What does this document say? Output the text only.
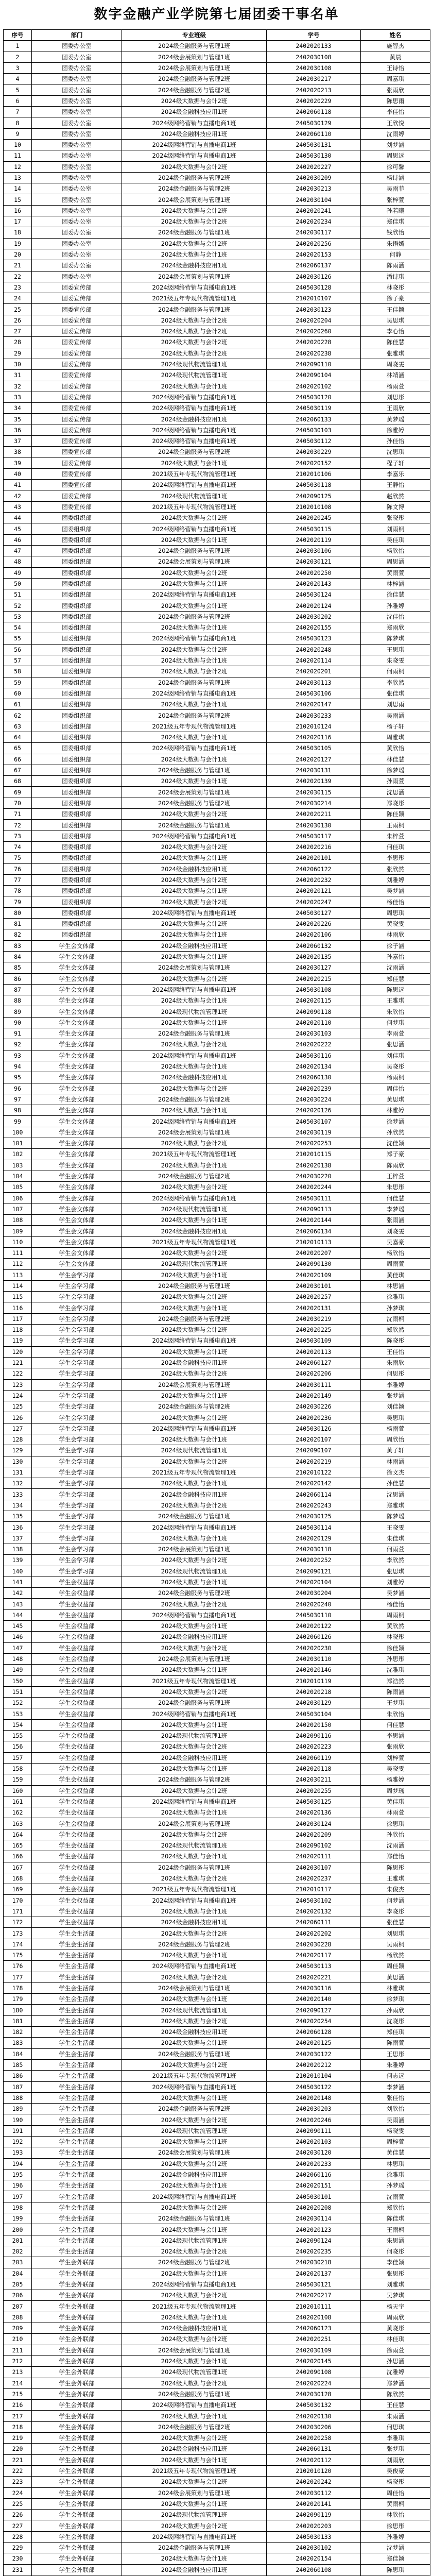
数字金融产业学院第七届团委干事名单
序号	部门	专业班级	学号	姓名
1	团委办公室	2024级金融服务与管理1班	2402020133	施智杰
2	团委办公室	2024级会展策划与管理1班	2402030108	黄晨
3	团委办公室	2024级会展策划与管理1班	2402030108	王诗怡
4	团委办公室	2024级金融服务与管理2班	2402030217	周嘉琪
5	团委办公室	2024级金融服务与管理2班	2402020213	张雨欣
6	团委办公室	2024级大数据与会计2班	2402020229	陈思雨
7	团委办公室	2024级金融科技应用1班	2402060118	李佳怡
8	团委办公室	2024级网络营销与直播电商1班	2405030129	王欣悦
9	团委办公室	2024级金融科技应用1班	2402060110	沈雨婷
10	团委办公室	2024级网络营销与直播电商1班	2405030131	刘梦涵
11	团委办公室	2024级网络营销与直播电商1班	2405030130	周思远
12	团委办公室	2024级大数据与会计2班	2402020227	徐可馨
13	团委办公室	2024级金融服务与管理2班	2402030209	杨诗涵
14	团委办公室	2024级金融服务与管理2班	2402030213	吴雨菲
15	团委办公室	2024级会展策划与管理1班	2402030104	张梓萱
16	团委办公室	2024级大数据与会计2班	2402020241	孙若曦
17	团委办公室	2024级大数据与会计2班	2402020234	郑佳琪
18	团委办公室	2024级金融服务与管理1班	2402030117	钱欣怡
19	团委办公室	2024级大数据与会计2班	2402020256	朱语嫣
20	团委办公室	2024级大数据与会计1班	2402020153	何静
21	团委办公室	2024级金融科技应用1班	2402060137	陈雨涵
22	团委办公室	2024级会展策划与管理1班	2402030126	潘诗琪
23	团委宣传部	2024级网络营销与直播电商1班	2405030128	林晓彤
24	团委宣传部	2021级五年专现代物流管理1班	2102010107	徐子豪
25	团委宣传部	2024级金融服务与管理1班	2402030123	王佳颖
26	团委宣传部	2024级大数据与会计2班	2402020204	吴思琪
27	团委宣传部	2024级大数据与会计2班	2402020260	李心怡
28	团委宣传部	2024级大数据与会计2班	2402020228	陈佳慧
29	团委宣传部	2024级大数据与会计2班	2402020238	张雅琪
30	团委宣传部	2024级现代物流管理1班	2402090110	周晓雯
31	团委宣传部	2024级现代物流管理1班	2402090104	林靖涵
32	团委宣传部	2024级大数据与会计1班	2402020102	杨雨萱
33	团委宣传部	2024级网络营销与直播电商1班	2405030120	刘思彤
34	团委宣传部	2024级网络营销与直播电商1班	2405030119	王雨欣
35	团委宣传部	2024级金融科技应用1班	2402060133	黄梦瑶
36	团委宣传部	2024级网络营销与直播电商1班	2405030103	徐雅婷
37	团委宣传部	2024级网络营销与直播电商1班	2405030112	孙佳怡
38	团委宣传部	2024级金融服务与管理2班	2402030229	沈思琪
39	团委宣传部	2024级大数据与会计1班	2402020152	程子轩
40	团委宣传部	2021级五年专现代物流管理1班	2102010106	李嘉乐
41	团委宣传部	2024级网络营销与直播电商1班	2405030118	王静怡
42	团委宣传部	2024级现代物流管理1班	2402090125	赵欣然
43	团委宣传部	2021级五年专现代物流管理1班	2102010108	陈文博
44	团委组织部	2024级大数据与会计2班	2402020245	张晓彤
45	团委组织部	2024级网络营销与直播电商1班	2405030115	刘雨桐
46	团委组织部	2024级大数据与会计1班	2402020119	吴佳琪
47	团委组织部	2024级金融服务与管理1班	2402030106	杨欣怡
48	团委组织部	2024级会展策划与管理1班	2402030121	周思涵
49	团委组织部	2024级大数据与会计2班	2402020250	黄雨萱
50	团委组织部	2024级大数据与会计1班	2402020143	林梓涵
51	团委组织部	2024级网络营销与直播电商1班	2405030124	徐佳慧
52	团委组织部	2024级大数据与会计1班	2402020124	孙雅婷
53	团委组织部	2024级金融服务与管理2班	2402030202	沈佳怡
54	团委组织部	2024级大数据与会计1班	2402020155	郑雨欣
55	团委组织部	2024级网络营销与直播电商1班	2405030123	陈梦琪
56	团委组织部	2024级大数据与会计2班	2402020248	王思琪
57	团委组织部	2024级大数据与会计1班	2402020114	朱晓雯
58	团委组织部	2024级大数据与会计2班	2402020201	何雨桐
59	团委组织部	2024级金融服务与管理1班	2402030113	李欣然
60	团委组织部	2024级网络营销与直播电商1班	2405030106	张佳琪
61	团委组织部	2024级大数据与会计1班	2402020147	刘思雨
62	团委组织部	2024级金融服务与管理2班	2402030233	吴雨涵
63	团委组织部	2021级五年专现代物流管理1班	2102010124	杨子轩
64	团委组织部	2024级大数据与会计1班	2402020116	周雅琪
65	团委组织部	2024级网络营销与直播电商1班	2405030105	黄欣怡
66	团委组织部	2024级大数据与会计1班	2402020127	林佳慧
67	团委组织部	2024级金融服务与管理1班	2402030131	徐梦瑶
68	团委组织部	2024级大数据与会计1班	2402020139	孙雨萱
69	团委组织部	2024级会展策划与管理1班	2402030115	沈思涵
70	团委组织部	2024级金融服务与管理2班	2402030214	郑晓彤
71	团委组织部	2024级大数据与会计2班	2402020211	陈佳颖
72	团委组织部	2024级金融服务与管理1班	2402030130	王雨桐
73	团委组织部	2024级网络营销与直播电商1班	2405030117	朱梓萱
74	团委组织部	2024级大数据与会计2班	2402020216	何佳琪
75	团委组织部	2024级大数据与会计1班	2402020101	李思彤
76	团委组织部	2024级金融科技应用1班	2402060122	张欣然
77	团委组织部	2024级大数据与会计2班	2402020232	刘雅婷
78	团委组织部	2024级大数据与会计1班	2402020121	吴梦涵
79	团委组织部	2024级大数据与会计2班	2402020247	杨佳怡
80	团委组织部	2024级网络营销与直播电商1班	2405030127	周思琪
81	团委组织部	2024级大数据与会计2班	2402020226	黄晓雯
82	团委组织部	2024级大数据与会计1班	2402020106	林雨欣
83	学生会文体部	2024级金融科技应用1班	2402060132	徐子涵
84	学生会文体部	2024级大数据与会计1班	2402020135	孙嘉怡
85	学生会文体部	2024级会展策划与管理1班	2402030127	沈雨涵
86	学生会文体部	2024级大数据与会计2班	2402020215	郑佳慧
87	学生会文体部	2024级网络营销与直播电商1班	2405030108	陈思远
88	学生会文体部	2024级大数据与会计1班	2402020115	王雅琪
89	学生会文体部	2024级现代物流管理1班	2402090118	朱欣怡
90	学生会文体部	2024级大数据与会计1班	2402020110	何梦琪
91	学生会文体部	2024级金融服务与管理1班	2402030103	李雨萱
92	学生会文体部	2024级大数据与会计2班	2402020222	张思涵
93	学生会文体部	2024级网络营销与直播电商1班	2405030116	刘佳琪
94	学生会文体部	2024级大数据与会计1班	2402020134	吴晓彤
95	学生会文体部	2024级金融科技应用1班	2402060130	杨雨桐
96	学生会文体部	2024级大数据与会计2班	2402020239	周佳怡
97	学生会文体部	2024级金融服务与管理2班	2402030224	黄思琪
98	学生会文体部	2024级大数据与会计1班	2402020126	林雅婷
99	学生会文体部	2024级网络营销与直播电商1班	2405030107	徐梦涵
100	学生会文体部	2024级会展策划与管理1班	2402030119	孙欣然
101	学生会文体部	2024级大数据与会计2班	2402020253	沈佳颖
102	学生会文体部	2021级五年专现代物流管理1班	2102010115	郑子豪
103	学生会文体部	2024级大数据与会计1班	2402020138	陈雨欣
104	学生会文体部	2024级金融服务与管理2班	2402030220	王梓萱
105	学生会文体部	2024级大数据与会计2班	2402020244	朱思彤
106	学生会文体部	2024级网络营销与直播电商1班	2405030111	何佳慧
107	学生会文体部	2024级现代物流管理1班	2402090113	李梦瑶
108	学生会文体部	2024级大数据与会计1班	2402020144	张雨涵
109	学生会文体部	2024级金融科技应用1班	2402060134	刘晓雯
110	学生会文体部	2021级五年专现代物流管理1班	2102010113	吴嘉豪
111	学生会文体部	2024级大数据与会计2班	2402020207	杨欣怡
112	学生会文体部	2024级现代物流管理1班	2402090130	周雨萱
113	学生会学习部	2024级大数据与会计1班	2402020109	黄佳琪
114	学生会学习部	2024级金融服务与管理1班	2402030101	林思涵
115	学生会学习部	2024级大数据与会计2班	2402020257	徐雅琪
116	学生会学习部	2024级大数据与会计1班	2402020131	孙梦琪
117	学生会学习部	2024级金融服务与管理2班	2402030219	沈雨桐
118	学生会学习部	2024级大数据与会计2班	2402020225	郑欣然
119	学生会学习部	2024级网络营销与直播电商1班	2405030109	陈晓彤
120	学生会学习部	2024级大数据与会计1班	2402020113	王佳怡
121	学生会学习部	2024级金融科技应用1班	2402060127	朱雨欣
122	学生会学习部	2024级大数据与会计2班	2402020206	何思彤
123	学生会学习部	2024级会展策划与管理1班	2402030111	李雅婷
124	学生会学习部	2024级大数据与会计1班	2402020149	张梦涵
125	学生会学习部	2024级金融服务与管理2班	2402030226	刘佳颖
126	学生会学习部	2024级大数据与会计2班	2402020236	吴思琪
127	学生会学习部	2024级网络营销与直播电商1班	2405030126	杨雨萱
128	学生会学习部	2024级大数据与会计1班	2402020107	周欣怡
129	学生会学习部	2024级现代物流管理1班	2402090107	黄子轩
130	学生会学习部	2024级大数据与会计2班	2402020219	林雨涵
131	学生会学习部	2021级五年专现代物流管理1班	2102010122	徐文杰
132	学生会学习部	2024级大数据与会计1班	2402020142	孙佳慧
133	学生会学习部	2024级金融科技应用1班	2402060114	沈思涵
134	学生会学习部	2024级大数据与会计2班	2402020243	郑雅琪
135	学生会学习部	2024级金融服务与管理1班	2402030125	陈梦瑶
136	学生会学习部	2024级网络营销与直播电商1班	2405030114	王晓雯
137	学生会学习部	2024级大数据与会计1班	2402020129	朱佳琪
138	学生会学习部	2024级会展策划与管理1班	2402030118	何雨萱
139	学生会学习部	2024级大数据与会计2班	2402020252	李欣然
140	学生会学习部	2024级现代物流管理1班	2402090121	张思琪
141	学生会权益部	2024级大数据与会计1班	2402020104	刘雅婷
142	学生会权益部	2024级金融服务与管理2班	2402030204	吴梦涵
143	学生会权益部	2024级大数据与会计2班	2402020240	杨佳怡
144	学生会权益部	2024级网络营销与直播电商1班	2405030110	周雨桐
145	学生会权益部	2024级大数据与会计1班	2402020122	黄欣然
146	学生会权益部	2024级金融科技应用1班	2402060126	林晓彤
147	学生会权益部	2024级大数据与会计2班	2402020230	徐佳颖
148	学生会权益部	2024级会展策划与管理1班	2402030110	孙思彤
149	学生会权益部	2024级大数据与会计1班	2402020146	沈雅琪
150	学生会权益部	2021级五年专现代物流管理1班	2102010119	郑浩然
151	学生会权益部	2024级大数据与会计2班	2402020218	陈雨涵
152	学生会权益部	2024级金融服务与管理1班	2402030129	王梦琪
153	学生会权益部	2024级网络营销与直播电商1班	2405030104	朱欣怡
154	学生会权益部	2024级大数据与会计1班	2402020150	何佳慧
155	学生会权益部	2024级现代物流管理1班	2402090116	李思涵
156	学生会权益部	2024级大数据与会计2班	2402020223	张雨欣
157	学生会权益部	2024级金融科技应用1班	2402060119	刘梓萱
158	学生会权益部	2024级大数据与会计1班	2402020118	吴晓雯
159	学生会权益部	2024级金融服务与管理2班	2402030211	杨雅婷
160	学生会权益部	2024级大数据与会计2班	2402020255	周梦瑶
161	学生会权益部	2024级网络营销与直播电商1班	2405030125	黄佳琪
162	学生会权益部	2024级大数据与会计1班	2402020136	林雨萱
163	学生会权益部	2024级会展策划与管理1班	2402030124	徐思琪
164	学生会权益部	2024级大数据与会计2班	2402020209	孙欣怡
165	学生会权益部	2024级现代物流管理1班	2402090102	沈雨涵
166	学生会权益部	2024级大数据与会计1班	2402020111	郑佳怡
167	学生会权益部	2024级金融服务与管理1班	2402030107	陈思彤
168	学生会权益部	2024级大数据与会计2班	2402020237	王雅琪
169	学生会权益部	2021级五年专现代物流管理1班	2102010117	朱俊杰
170	学生会权益部	2024级网络营销与直播电商1班	2405030102	何梦涵
171	学生会权益部	2024级大数据与会计1班	2402020132	李晓彤
172	学生会权益部	2024级金融科技应用1班	2402060111	张佳慧
173	学生会生活部	2024级大数据与会计2班	2402020202	刘思琪
174	学生会生活部	2024级金融服务与管理2班	2402030228	吴雨桐
175	学生会生活部	2024级大数据与会计1班	2402020117	杨欣然
176	学生会生活部	2024级网络营销与直播电商1班	2405030113	周佳颖
177	学生会生活部	2024级大数据与会计2班	2402020221	黄思涵
178	学生会生活部	2024级会展策划与管理1班	2402030116	林雅琪
179	学生会生活部	2024级大数据与会计1班	2402020140	徐梦琪
180	学生会生活部	2024级现代物流管理1班	2402090127	孙雨欣
181	学生会生活部	2024级大数据与会计2班	2402020254	沈晓彤
182	学生会生活部	2024级金融科技应用1班	2402060128	郑佳琪
183	学生会生活部	2024级大数据与会计1班	2402020125	陈雨萱
184	学生会生活部	2024级金融服务与管理1班	2402030122	王思彤
185	学生会生活部	2024级大数据与会计2班	2402020212	朱雅婷
186	学生会生活部	2021级五年专现代物流管理1班	2102010104	何志远
187	学生会生活部	2024级网络营销与直播电商1班	2405030122	李梦涵
188	学生会生活部	2024级大数据与会计1班	2402020148	张佳怡
189	学生会生活部	2024级金融服务与管理2班	2402030203	刘欣怡
190	学生会生活部	2024级大数据与会计2班	2402020246	吴雨涵
191	学生会生活部	2024级现代物流管理1班	2402090111	杨晓雯
192	学生会生活部	2024级大数据与会计1班	2402020103	周梓萱
193	学生会生活部	2024级会展策划与管理1班	2402030120	黄佳慧
194	学生会生活部	2024级大数据与会计2班	2402020233	林思琪
195	学生会生活部	2024级金融科技应用1班	2402060116	徐雅琪
196	学生会生活部	2024级大数据与会计1班	2402020151	孙梦瑶
197	学生会生活部	2024级网络营销与直播电商1班	2405030101	沈雨萱
198	学生会生活部	2024级大数据与会计2班	2402020208	郑欣怡
199	学生会生活部	2024级金融服务与管理1班	2402030114	陈佳琪
200	学生会生活部	2024级大数据与会计1班	2402020123	王雨桐
201	学生会生活部	2024级现代物流管理1班	2402090124	朱思涵
202	学生会生活部	2024级大数据与会计2班	2402020235	何晓彤
203	学生会外联部	2024级金融服务与管理2班	2402030218	李佳颖
204	学生会外联部	2024级大数据与会计1班	2402020137	张思彤
205	学生会外联部	2024级网络营销与直播电商1班	2405030121	刘雅琪
206	学生会外联部	2024级大数据与会计2班	2402020217	吴梦琪
207	学生会外联部	2021级五年专现代物流管理1班	2102010111	杨天宇
208	学生会外联部	2024级大数据与会计1班	2402020108	周雨欣
209	学生会外联部	2024级金融科技应用1班	2402060123	黄晓彤
210	学生会外联部	2024级大数据与会计2班	2402020251	林佳琪
211	学生会外联部	2024级会展策划与管理1班	2402030109	徐雨萱
212	学生会外联部	2024级大数据与会计1班	2402020145	孙思涵
213	学生会外联部	2024级现代物流管理1班	2402090108	沈雅婷
214	学生会外联部	2024级大数据与会计2班	2402020224	郑梦涵
215	学生会外联部	2024级金融服务与管理1班	2402030128	陈欣然
216	学生会外联部	2024级网络营销与直播电商1班	2405030132	王佳慧
217	学生会外联部	2024级大数据与会计1班	2402020130	朱雨涵
218	学生会外联部	2024级金融服务与管理2班	2402030206	何思琪
219	学生会外联部	2024级大数据与会计2班	2402020258	李雅琪
220	学生会外联部	2024级金融科技应用1班	2402060131	张梦琪
221	学生会外联部	2024级大数据与会计1班	2402020112	刘雨欣
222	学生会外联部	2021级五年专现代物流管理1班	2102010120	吴俊豪
223	学生会外联部	2024级大数据与会计2班	2402020242	杨晓彤
224	学生会外联部	2024级会展策划与管理1班	2402030112	周佳怡
225	学生会外联部	2024级大数据与会计1班	2402020141	黄雨桐
226	学生会外联部	2024级现代物流管理1班	2402090119	林欣怡
227	学生会外联部	2024级大数据与会计2班	2402020203	徐思彤
228	学生会外联部	2024级网络营销与直播电商1班	2405030133	孙雅婷
229	学生会外联部	2024级金融服务与管理1班	2402030102	沈梦涵
230	学生会外联部	2024级大数据与会计1班	2402020154	郑佳颖
231	学生会外联部	2024级金融科技应用1班	2402060108	陈思琪
